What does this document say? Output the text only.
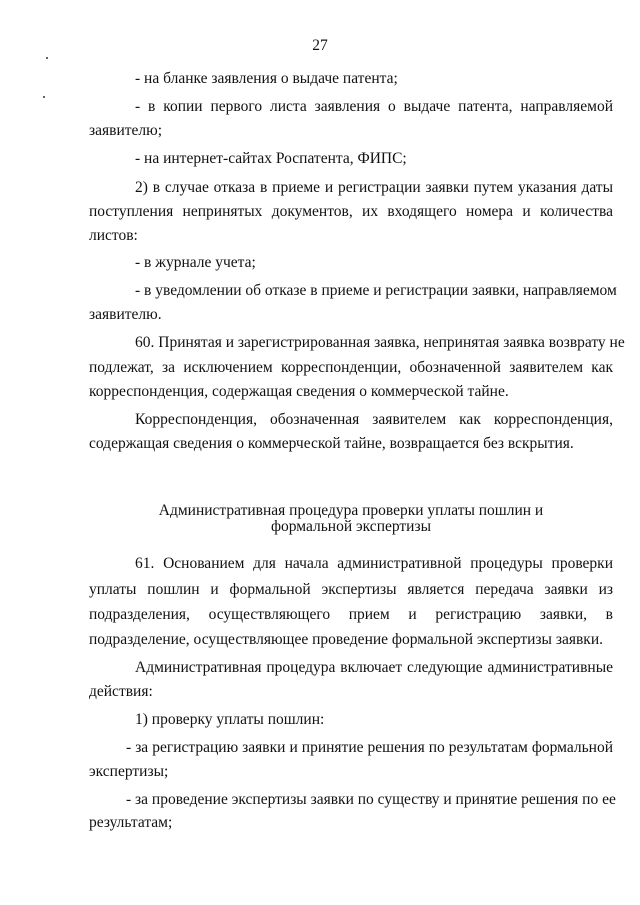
27
- на бланке заявления о выдаче патента;
- в копии первого листа заявления о выдаче патента, направляемой
заявителю;
- на интернет-сайтах Роспатента, ФИПС;
2) в случае отказа в приеме и регистрации заявки путем указания даты
поступления непринятых документов, их входящего номера и количества
листов:
- в журнале учета;
- в уведомлении об отказе в приеме и регистрации заявки, направляемом
заявителю.
60. Принятая и зарегистрированная заявка, непринятая заявка возврату не
подлежат, за исключением корреспонденции, обозначенной заявителем как
корреспонденция, содержащая сведения о коммерческой тайне.
Корреспонденция, обозначенная заявителем как корреспонденция,
содержащая сведения о коммерческой тайне, возвращается без вскрытия.
Административная процедура проверки уплаты пошлин и
формальной экспертизы
61. Основанием для начала административной процедуры проверки
уплаты пошлин и формальной экспертизы является передача заявки из
подразделения, осуществляющего прием и регистрацию заявки, в
подразделение, осуществляющее проведение формальной экспертизы заявки.
Административная процедура включает следующие административные
действия:
1) проверку уплаты пошлин:
- за регистрацию заявки и принятие решения по результатам формальной
экспертизы;
- за проведение экспертизы заявки по существу и принятие решения по ее
результатам;
